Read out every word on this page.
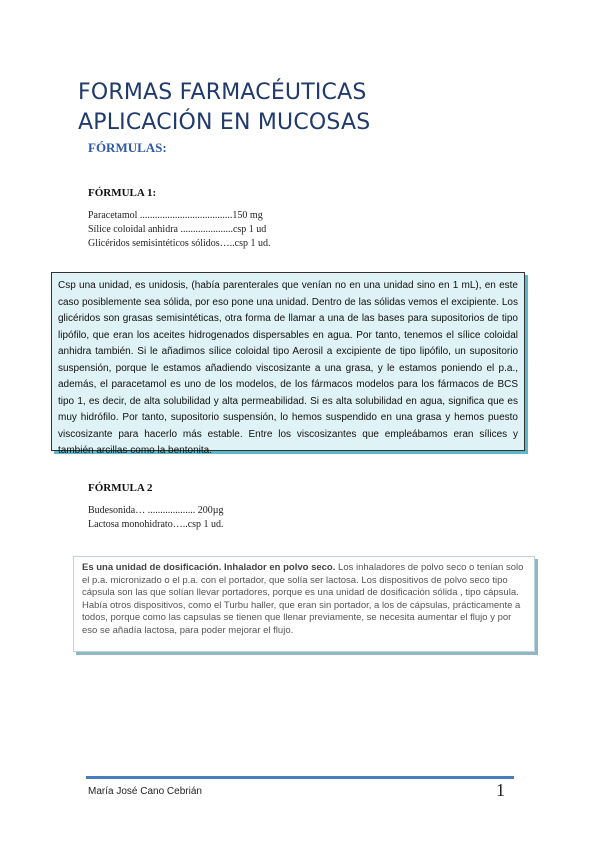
FORMAS FARMACÉUTICAS
APLICACIÓN EN MUCOSAS
FÓRMULAS:
FÓRMULA 1:
Paracetamol .....................................150 mg
Sílice coloidal anhidra .....................csp 1 ud
Glicéridos semisintéticos sólidos…..csp 1 ud.
Csp una unidad, es unidosis, (había parenterales que venían no en una unidad sino en 1 mL), en este caso posiblemente sea sólida, por eso pone una unidad. Dentro de las sólidas vemos el excipiente. Los glicéridos son grasas semisintéticas, otra forma de llamar a una de las bases para supositorios de tipo lipófilo, que eran los aceites hidrogenados dispersables en agua. Por tanto, tenemos el sílice coloidal anhidra también. Si le añadimos sílice coloidal tipo Aerosil a excipiente de tipo lipófilo, un supositorio suspensión, porque le estamos añadiendo viscosizante a una grasa, y le estamos poniendo el p.a., además, el paracetamol es uno de los modelos, de los fármacos modelos para los fármacos de BCS tipo 1, es decir, de alta solubilidad y alta permeabilidad. Si es alta solubilidad en agua, significa que es muy hidrófilo. Por tanto, supositorio suspensión, lo hemos suspendido en una grasa y hemos puesto viscosizante para hacerlo más estable. Entre los viscosizantes que empleábamos eran sílices y también arcillas como la bentonita.
FÓRMULA 2
Budesonida… ................... 200µg
Lactosa monohidrato…..csp 1 ud.
Es una unidad de dosificación. Inhalador en polvo seco. Los inhaladores de polvo seco o tenían solo el p.a. micronizado o el p.a. con el portador, que solía ser lactosa. Los dispositivos de polvo seco tipo cápsula son las que solían llevar portadores, porque es una unidad de dosificación sólida , tipo cápsula. Había otros dispositivos, como el Turbu haller, que eran sin portador, a los de cápsulas, prácticamente a todos, porque como las capsulas se tienen que llenar previamente, se necesita aumentar el flujo y por eso se añadía lactosa, para poder mejorar el flujo.
María José Cano Cebrián	1
